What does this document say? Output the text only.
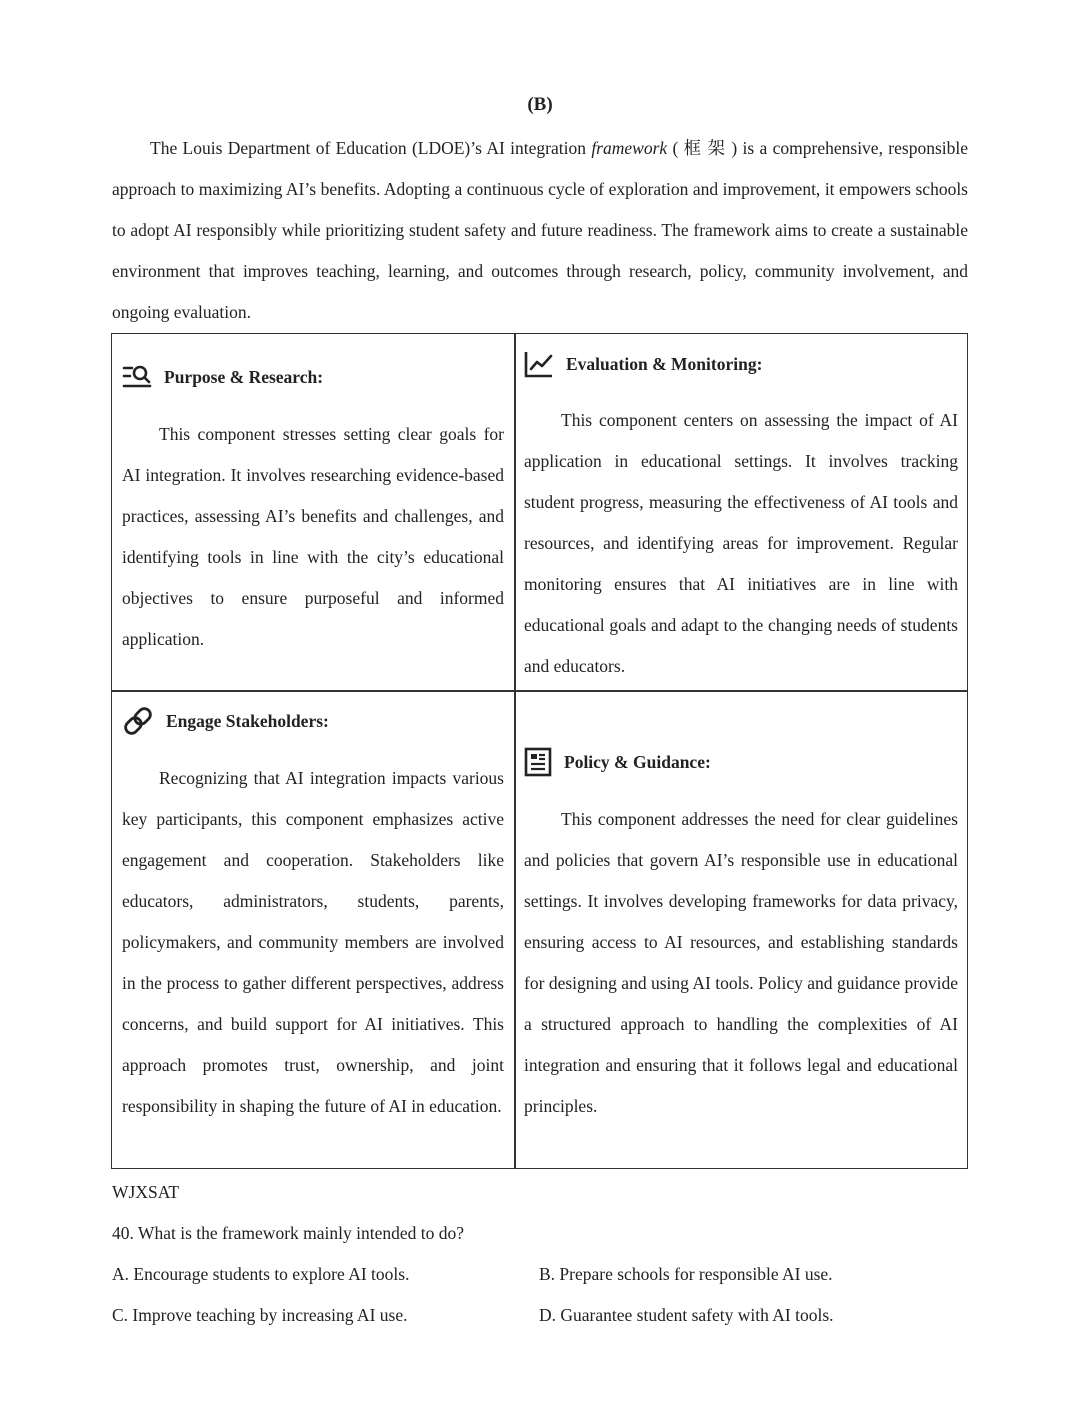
(B)

The Louis Department of Education (LDOE)’s AI integration framework ( 框 架 ) is a comprehensive, responsible approach to maximizing AI’s benefits. Adopting a continuous cycle of exploration and improvement, it empowers schools to adopt AI responsibly while prioritizing student safety and future readiness. The framework aims to create a sustainable environment that improves teaching, learning, and outcomes through research, policy, community involvement, and ongoing evaluation.

Purpose & Research:

This component stresses setting clear goals for AI integration. It involves researching evidence-based practices, assessing AI’s benefits and challenges, and identifying tools in line with the city’s educational objectives to ensure purposeful and informed application.

Evaluation & Monitoring:

This component centers on assessing the impact of AI application in educational settings. It involves tracking student progress, measuring the effectiveness of AI tools and resources, and identifying areas for improvement. Regular monitoring ensures that AI initiatives are in line with educational goals and adapt to the changing needs of students and educators.

Engage Stakeholders:

Recognizing that AI integration impacts various key participants, this component emphasizes active engagement and cooperation. Stakeholders like educators, administrators, students, parents, policymakers, and community members are involved in the process to gather different perspectives, address concerns, and build support for AI initiatives. This approach promotes trust, ownership, and joint responsibility in shaping the future of AI in education.

Policy & Guidance:

This component addresses the need for clear guidelines and policies that govern AI’s responsible use in educational settings. It involves developing frameworks for data privacy, ensuring access to AI resources, and establishing standards for designing and using AI tools. Policy and guidance provide a structured approach to handling the complexities of AI integration and ensuring that it follows legal and educational principles.

WJXSAT
40. What is the framework mainly intended to do?
A. Encourage students to explore AI tools.	B. Prepare schools for responsible AI use.
C. Improve teaching by increasing AI use.	D. Guarantee student safety with AI tools.
